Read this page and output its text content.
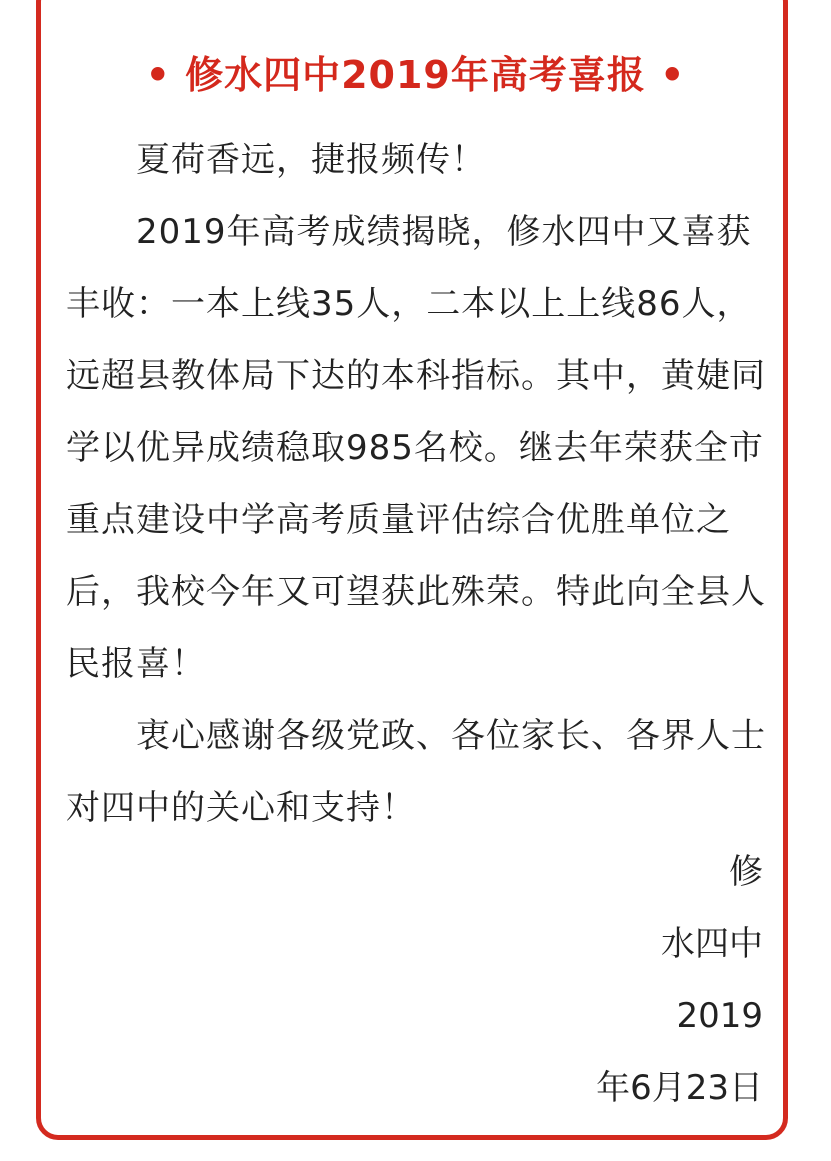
• 修水四中2019年高考喜报 •

夏荷香远，捷报频传！

2019年高考成绩揭晓，修水四中又喜获丰收：一本上线35人，二本以上上线86人，远超县教体局下达的本科指标。其中，黄婕同学以优异成绩稳取985名校。继去年荣获全市重点建设中学高考质量评估综合优胜单位之后，我校今年又可望获此殊荣。特此向全县人民报喜！

衷心感谢各级党政、各位家长、各界人士对四中的关心和支持！

修
水四中
2019
年6月23日
